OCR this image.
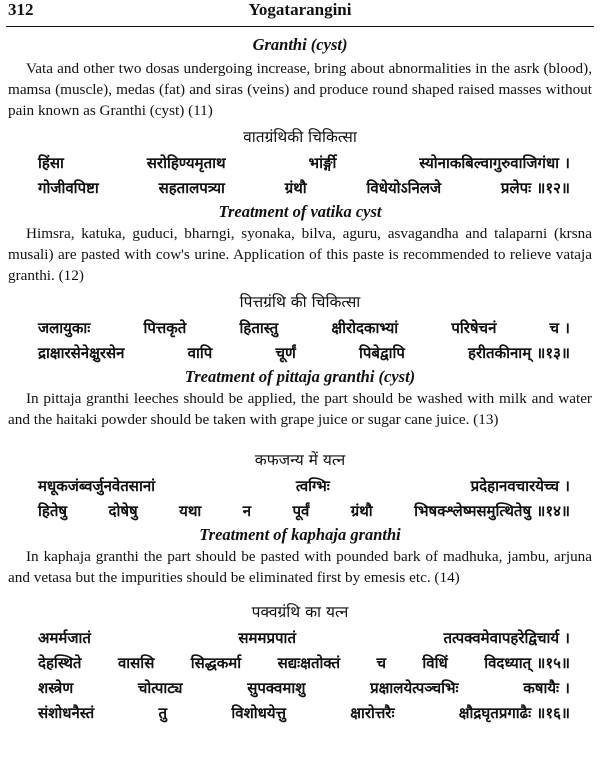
312	Yogatarangini
Granthi (cyst)

Vata and other two dosas undergoing increase, bring about abnormalities in the asrk (blood), mamsa (muscle), medas (fat) and siras (veins) and produce round shaped raised masses without pain known as Granthi (cyst) (11)

वातग्रंथिकी चिकित्सा
हिंसा	सरोहिण्यमृताथ	भांर्ङ्गी	स्योनाकबिल्वागुरुवाजिगंधा ।
गोजीवपिष्टा	सहतालपत्र्या	ग्रंथौ	विधेयोऽनिलजे	प्रलेपः ॥१२॥
Treatment of vatika cyst

Himsra, katuka, guduci, bharngi, syonaka, bilva, aguru, asvagandha and talaparni (krsna musali) are pasted with cow's urine. Application of this paste is recommended to relieve vataja granthi. (12)

पित्तग्रंथि की चिकित्सा
जलायुकाः	पित्तकृते	हितास्तु	क्षीरोदकाभ्यां	परिषेचनं	च ।
द्राक्षारसेनेक्षुरसेन	वापि	चूर्णं	पिबेद्वापि	हरीतकीनाम् ॥१३॥
Treatment of pittaja granthi (cyst)

In pittaja granthi leeches should be applied, the part should be washed with milk and water and the haitaki powder should be taken with grape juice or sugar cane juice. (13)

कफजन्य में यत्न
मधूकजंब्वर्जुनवेतसानां	त्वग्भिः	प्रदेहानवचारयेच्च ।
हितेषु	दोषेषु	यथा	न	पूर्वं	ग्रंथौ	भिषक्श्लेष्मसमुत्थितेषु ॥१४॥
Treatment of kaphaja granthi

In kaphaja granthi the part should be pasted with pounded bark of madhuka, jambu, arjuna and vetasa but the impurities should be eliminated first by emesis etc. (14)

पक्वग्रंथि का यत्न
अमर्मजातं	सममप्रपातं	तत्पक्वमेवापहरेद्विचार्य ।
देहस्थिते वाससि सिद्धकर्मा सद्यःक्षतोक्तं च विधिं विदध्यात् ॥१५॥
शस्त्रेण	चोत्पाट्य	सुपक्वमाशु	प्रक्षालयेत्पञ्चभिः	कषायैः ।
संशोधनैस्तं	तु	विशोधयेत्तु	क्षारोत्तरैः	क्षौद्रघृतप्रगाढैः ॥१६॥
